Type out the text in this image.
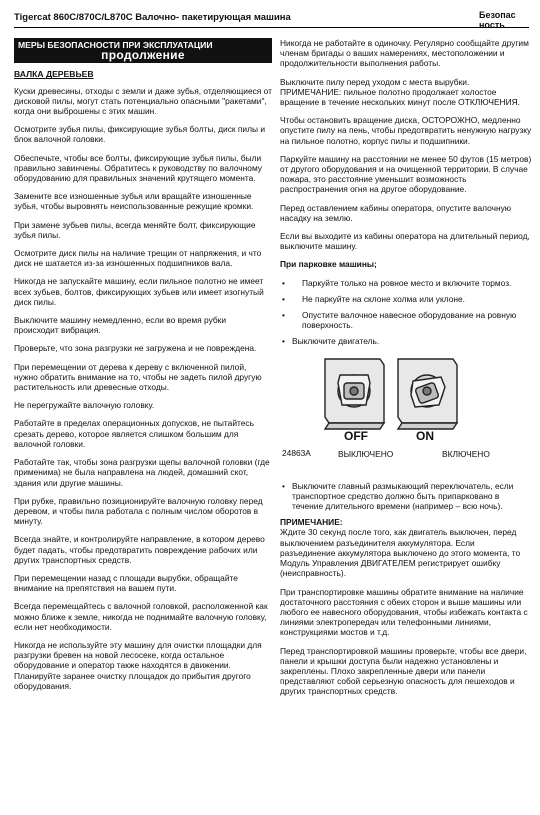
Tigercat 860C/870C/L870C Валочно- пакетирующая машина	Безопас ность
МЕРЫ БЕЗОПАСНОСТИ ПРИ ЭКСПЛУАТАЦИИ
продолжение
ВАЛКА ДЕРЕВЬЕВ

Куски древесины, отходы с земли и даже зубья, отделяющиеся от дисковой пилы, могут стать потенциально опасными "ракетами", когда они выброшены с этих машин.

Осмотрите зубья пилы, фиксирующие зубья болты, диск пилы и блок валочной головки.

Обеспечьте, чтобы все болты, фиксирующие зубья пилы, были правильно завинчены. Обратитесь к руководству по валочному оборудованию для правильных значений крутящего момента.

Замените все изношенные зубья или вращайте изношенные зубья, чтобы выровнять неиспользованные режущие кромки.

При замене зубьев пилы, всегда меняйте болт, фиксирующие зубья пилы.

Осмотрите диск пилы на наличие трещин от напряжения, и что диск не шатается из-за изношенных подшипников вала.

Никогда не запускайте машину, если пильное полотно не имеет всех зубьев, болтов, фиксирующих зубьев или имеет изогнутый диск пилы.

Выключите машину немедленно, если во время рубки происходит вибрация.

Проверьте, что зона разгрузки не загружена и не повреждена.

При перемещении от дерева к дереву с включенной пилой, нужно обратить внимание на то, чтобы не задеть пилой другую растительность или древесные отходы.

Не перегружайте валочную головку.

Работайте в пределах операционных допусков, не пытайтесь срезать дерево, которое является слишком большим для валочной головки.

Работайте так, чтобы зона разгрузки щепы валочной головки (где применима) не была направлена на людей, домашний скот, здания или другие машины.

При рубке, правильно позиционируйте валочную головку перед деревом, и чтобы пила работала с полным числом оборотов в минуту.

Всегда знайте, и контролируйте направление, в котором дерево будет падать, чтобы предотвратить повреждение рабочих или других транспортных средств.

При перемещении назад с площади вырубки, обращайте внимание на препятствия на вашем пути.

Всегда перемещайтесь с валочной головкой, расположенной как можно ближе к земле, никогда не поднимайте валочную головку, если нет необходимости.

Никогда не используйте эту машину для очистки площадки для разгрузки бревен на новой лесосеке, когда остальное оборудование и оператор также находятся в движении. Планируйте заранее очистку площадок до прибытия другого оборудования.

Никогда не работайте в одиночку. Регулярно сообщайте другим членам бригады о ваших намерениях, местоположении и продолжительности выполнения работы.

Выключите пилу перед уходом с места вырубки. ПРИМЕЧАНИЕ: пильное полотно продолжает холостое вращение в течение нескольких минут после ОТКЛЮЧЕНИЯ.

Чтобы остановить вращение диска, ОСТОРОЖНО, медленно опустите пилу на пень, чтобы предотвратить ненужную нагрузку на пильное полотно, корпус пилы и подшипники.

Паркуйте машину на расстоянии не менее 50 футов (15 метров) от другого оборудования и на очищенной территории. В случае пожара, это расстояние уменьшит возможность распространения огня на другое оборудование.

Перед оставлением кабины оператора, опустите валочную насадку на землю.

Если вы выходите из кабины оператора на длительный период, выключите машину.

При парковке машины;

• Паркуйте только на ровное место и включите тормоз.
• Не паркуйте на склоне холма или уклоне.
• Опустите валочное навесное оборудование на ровную поверхность.
• Выключите двигатель.
OFF	ON
24863A	ВЫКЛЮЧЕНО	ВКЛЮЧЕНО
• Выключите главный размыкающий переключатель, если транспортное средство должно быть припарковано в течение длительного времени (например – всю ночь).

ПРИМЕЧАНИЕ:

Ждите 30 секунд после того, как двигатель выключен, перед выключением разъединителя аккумулятора. Если разъединение аккумулятора выключено до этого момента, то Модуль Управления ДВИГАТЕЛЕМ регистрирует ошибку (неисправность).

При транспортировке машины обратите внимание на наличие достаточного расстояния с обеих сторон и выше машины или любого ее навесного оборудования, чтобы избежать контакта с линиями электропередач или телефонными линиями, конструкциями мостов и т.д.

Перед транспортировкой машины проверьте, чтобы все двери, панели и крышки доступа были надежно установлены и закреплены. Плохо закрепленные двери или панели представляют собой серьезную опасность для пешеходов и других транспортных средств.
